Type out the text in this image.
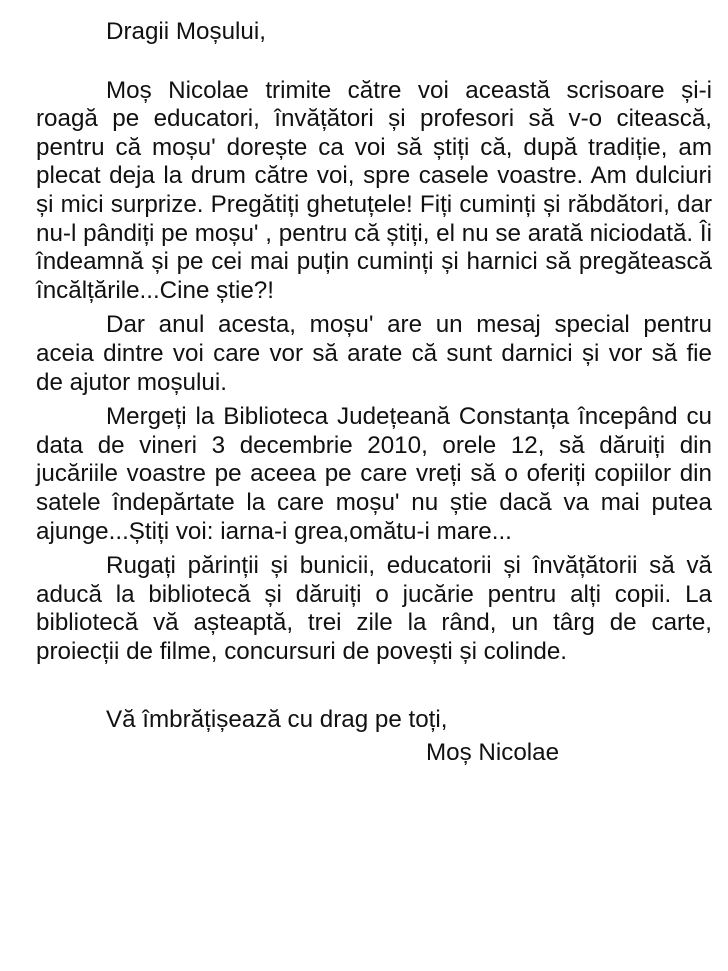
Dragii Moșului,

Moș Nicolae trimite către voi această scrisoare și-i roagă pe educatori, învățători și profesori să v-o citească, pentru că moșu' dorește ca voi să știți că, după tradiție, am plecat deja la drum către voi, spre casele voastre. Am dulciuri și mici surprize. Pregătiți ghetuțele! Fiți cuminți și răbdători, dar nu-l pândiți pe moșu' , pentru că știți, el nu se arată niciodată. Îi îndeamnă și pe cei mai puțin cuminți și harnici să pregătească încălțările...Cine știe?!

Dar anul acesta, moșu' are un mesaj special pentru aceia dintre voi care vor să arate că sunt darnici și vor să fie de ajutor moșului.

Mergeți la Biblioteca Județeană Constanța începând cu data de vineri 3 decembrie 2010, orele 12, să dăruiți din jucăriile voastre pe aceea pe care vreți să o oferiți copiilor din satele îndepărtate la care moșu' nu știe dacă va mai putea ajunge...Știți voi: iarna-i grea,omătu-i mare...

Rugați părinții și bunicii, educatorii și învățătorii să vă aducă la bibliotecă și dăruiți o jucărie pentru alți copii. La bibliotecă vă așteaptă, trei zile la rând, un târg de carte, proiecții de filme, concursuri de povești și colinde.

Vă îmbrățișează cu drag pe toți,

Moș Nicolae
